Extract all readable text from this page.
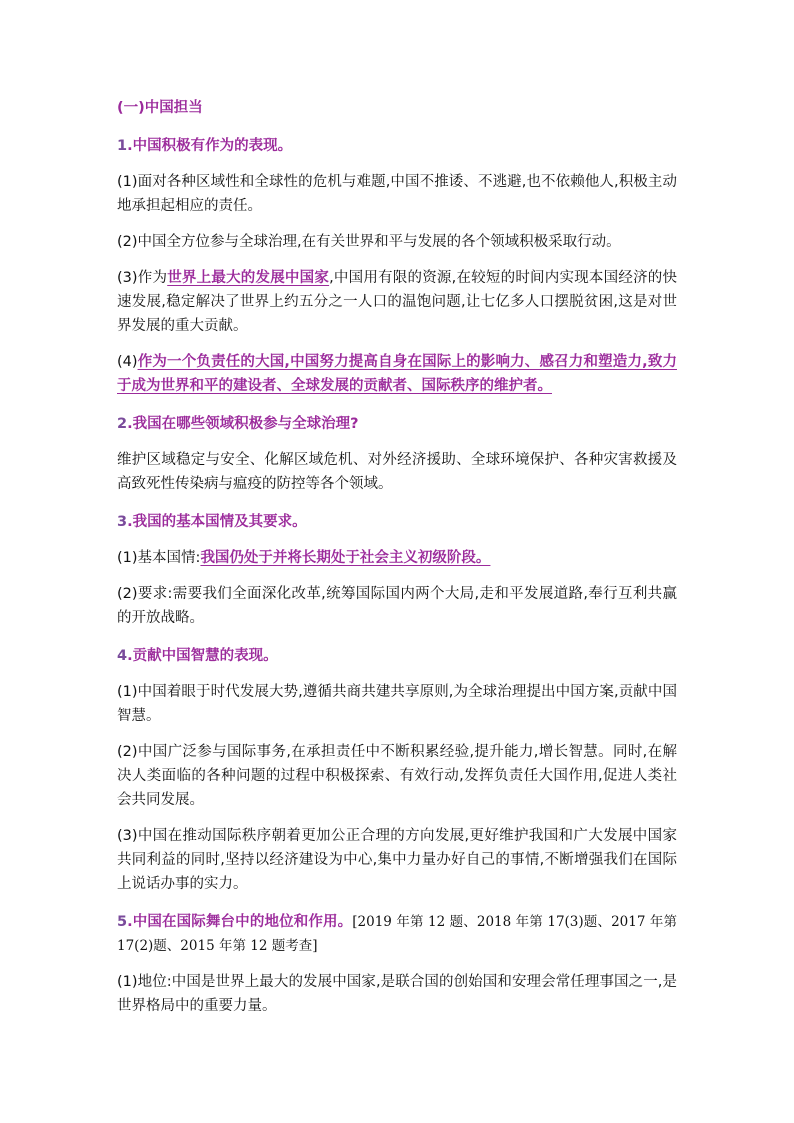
(一)中国担当

1.中国积极有作为的表现。

(1)面对各种区域性和全球性的危机与难题,中国不推诿、不逃避,也不依赖他人,积极主动地承担起相应的责任。

(2)中国全方位参与全球治理,在有关世界和平与发展的各个领域积极采取行动。

(3)作为世界上最大的发展中国家,中国用有限的资源,在较短的时间内实现本国经济的快速发展,稳定解决了世界上约五分之一人口的温饱问题,让七亿多人口摆脱贫困,这是对世界发展的重大贡献。

(4)作为一个负责任的大国,中国努力提高自身在国际上的影响力、感召力和塑造力,致力于成为世界和平的建设者、全球发展的贡献者、国际秩序的维护者。

2.我国在哪些领域积极参与全球治理?

维护区域稳定与安全、化解区域危机、对外经济援助、全球环境保护、各种灾害救援及高致死性传染病与瘟疫的防控等各个领域。

3.我国的基本国情及其要求。

(1)基本国情:我国仍处于并将长期处于社会主义初级阶段。

(2)要求:需要我们全面深化改革,统筹国际国内两个大局,走和平发展道路,奉行互利共赢的开放战略。

4.贡献中国智慧的表现。

(1)中国着眼于时代发展大势,遵循共商共建共享原则,为全球治理提出中国方案,贡献中国智慧。

(2)中国广泛参与国际事务,在承担责任中不断积累经验,提升能力,增长智慧。同时,在解决人类面临的各种问题的过程中积极探索、有效行动,发挥负责任大国作用,促进人类社会共同发展。

(3)中国在推动国际秩序朝着更加公正合理的方向发展,更好维护我国和广大发展中国家共同利益的同时,坚持以经济建设为中心,集中力量办好自己的事情,不断增强我们在国际上说话办事的实力。

5.中国在国际舞台中的地位和作用。[2019 年第 12 题、2018 年第 17(3)题、2017 年第 17(2)题、2015 年第 12 题考查]

(1)地位:中国是世界上最大的发展中国家,是联合国的创始国和安理会常任理事国之一,是世界格局中的重要力量。
